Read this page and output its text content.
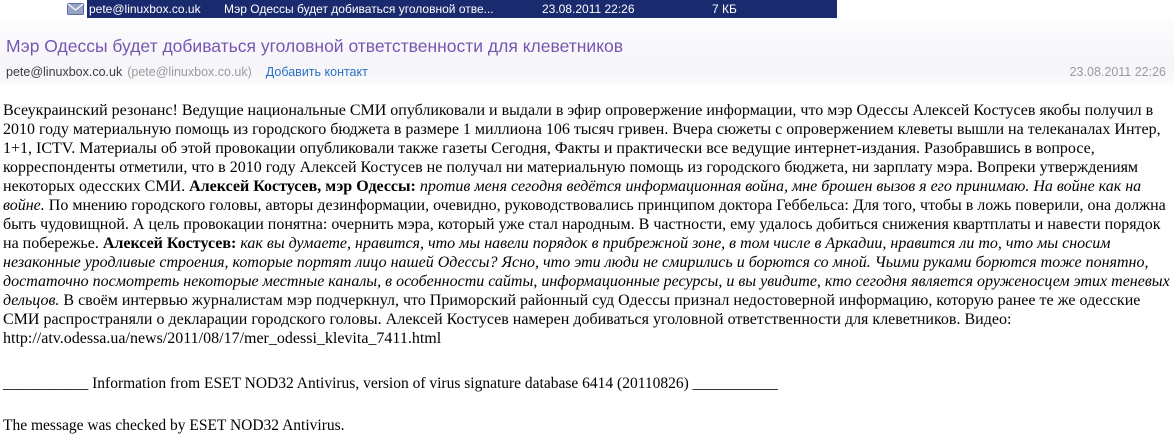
pete@linuxbox.co.uk	Мэр Одессы будет добиваться уголовной отве...	23.08.2011 22:26	7 КБ
Мэр Одессы будет добиваться уголовной ответственности для клеветников
pete@linuxbox.co.uk (pete@linuxbox.co.uk) Добавить контакт	23.08.2011 22:26
Всеукраинский резонанс! Ведущие национальные СМИ опубликовали и выдали в эфир опровержение информации, что мэр Одессы Алексей Костусев якобы получил в 2010 году материальную помощь из городского бюджета в размере 1 миллиона 106 тысяч гривен. Вчера сюжеты с опровержением клеветы вышли на телеканалах Интер, 1+1, ICTV. Материалы об этой провокации опубликовали также газеты Сегодня, Факты и практически все ведущие интернет-издания. Разобравшись в вопросе, корреспонденты отметили, что в 2010 году Алексей Костусев не получал ни материальную помощь из городского бюджета, ни зарплату мэра. Вопреки утверждениям некоторых одесских СМИ. Алексей Костусев, мэр Одессы: против меня сегодня ведётся информационная война, мне брошен вызов я его принимаю. На войне как на войне. По мнению городского головы, авторы дезинформации, очевидно, руководствовались принципом доктора Геббельса: Для того, чтобы в ложь поверили, она должна быть чудовищной. А цель провокации понятна: очернить мэра, который уже стал народным. В частности, ему удалось добиться снижения квартплаты и навести порядок на побережье. Алексей Костусев: как вы думаете, нравится, что мы навели порядок в прибрежной зоне, в том числе в Аркадии, нравится ли то, что мы сносим незаконные уродливые строения, которые портят лицо нашей Одессы? Ясно, что эти люди не смирились и борются со мной. Чьими руками борются тоже понятно, достаточно посмотреть некоторые местные каналы, в особенности сайты, информационные ресурсы, и вы увидите, кто сегодня является оруженосцем этих теневых дельцов. В своём интервью журналистам мэр подчеркнул, что Приморский районный суд Одессы признал недостоверной информацию, которую ранее те же одесские СМИ распространяли о декларации городского головы. Алексей Костусев намерен добиваться уголовной ответственности для клеветников. Видео: http://atv.odessa.ua/news/2011/08/17/mer_odessi_klevita_7411.html
___________ Information from ESET NOD32 Antivirus, version of virus signature database 6414 (20110826) ___________
The message was checked by ESET NOD32 Antivirus.
